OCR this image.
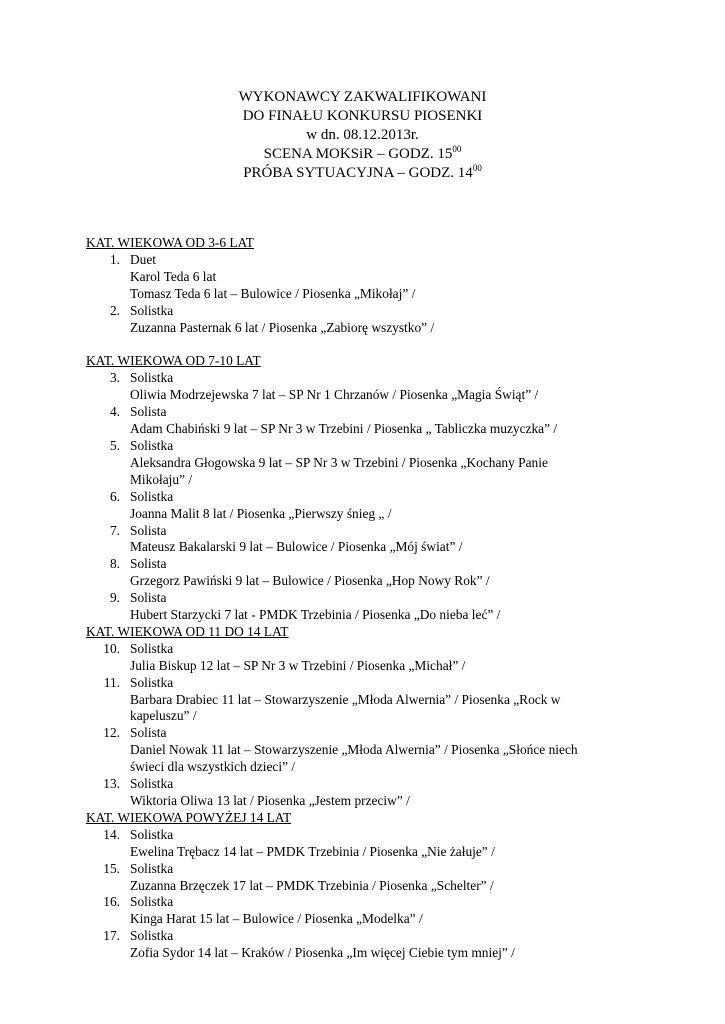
WYKONAWCY ZAKWALIFIKOWANI
DO FINAŁU KONKURSU PIOSENKI
w dn. 08.12.2013r.
SCENA MOKSiR – GODZ. $15^{00}$
PRÓBA SYTUACYJNA – GODZ. $14^{00}$
KAT. WIEKOWA OD 3-6 LAT
1. Duet
Karol Teda 6 lat
Tomasz Teda 6 lat – Bulowice / Piosenka „Mikołaj” /
2. Solistka
Zuzanna Pasternak 6 lat / Piosenka „Zabiorę wszystko” /
KAT. WIEKOWA OD 7-10 LAT
3. Solistka
Oliwia Modrzejewska 7 lat – SP Nr 1 Chrzanów / Piosenka „Magia Świąt” /
4. Solista
Adam Chabiński 9 lat – SP Nr 3 w Trzebini / Piosenka „ Tabliczka muzyczka” /
5. Solistka
Aleksandra Głogowska 9 lat – SP Nr 3 w Trzebini / Piosenka „Kochany Panie
Mikołaju” /
6. Solistka
Joanna Malit 8 lat / Piosenka „Pierwszy śnieg „ /
7. Solista
Mateusz Bakalarski 9 lat – Bulowice / Piosenka „Mój świat” /
8. Solista
Grzegorz Pawiński 9 lat – Bulowice / Piosenka „Hop Nowy Rok” /
9. Solista
Hubert Starzycki 7 lat - PMDK Trzebinia / Piosenka „Do nieba leć” /
KAT. WIEKOWA OD 11 DO 14 LAT
10. Solistka
Julia Biskup 12 lat – SP Nr 3 w Trzebini / Piosenka „Michał” /
11. Solistka
Barbara Drabiec 11 lat – Stowarzyszenie „Młoda Alwernia” / Piosenka „Rock w
kapeluszu” /
12. Solista
Daniel Nowak 11 lat – Stowarzyszenie „Młoda Alwernia” / Piosenka „Słońce niech
świeci dla wszystkich dzieci” /
13. Solistka
Wiktoria Oliwa 13 lat / Piosenka „Jestem przeciw” /
KAT. WIEKOWA POWYŻEJ 14 LAT
14. Solistka
Ewelina Trębacz 14 lat – PMDK Trzebinia / Piosenka „Nie żałuje” /
15. Solistka
Zuzanna Brzęczek 17 lat – PMDK Trzebinia / Piosenka „Schelter” /
16. Solistka
Kinga Harat 15 lat – Bulowice / Piosenka „Modelka” /
17. Solistka
Zofia Sydor 14 lat – Kraków / Piosenka „Im więcej Ciebie tym mniej” /
